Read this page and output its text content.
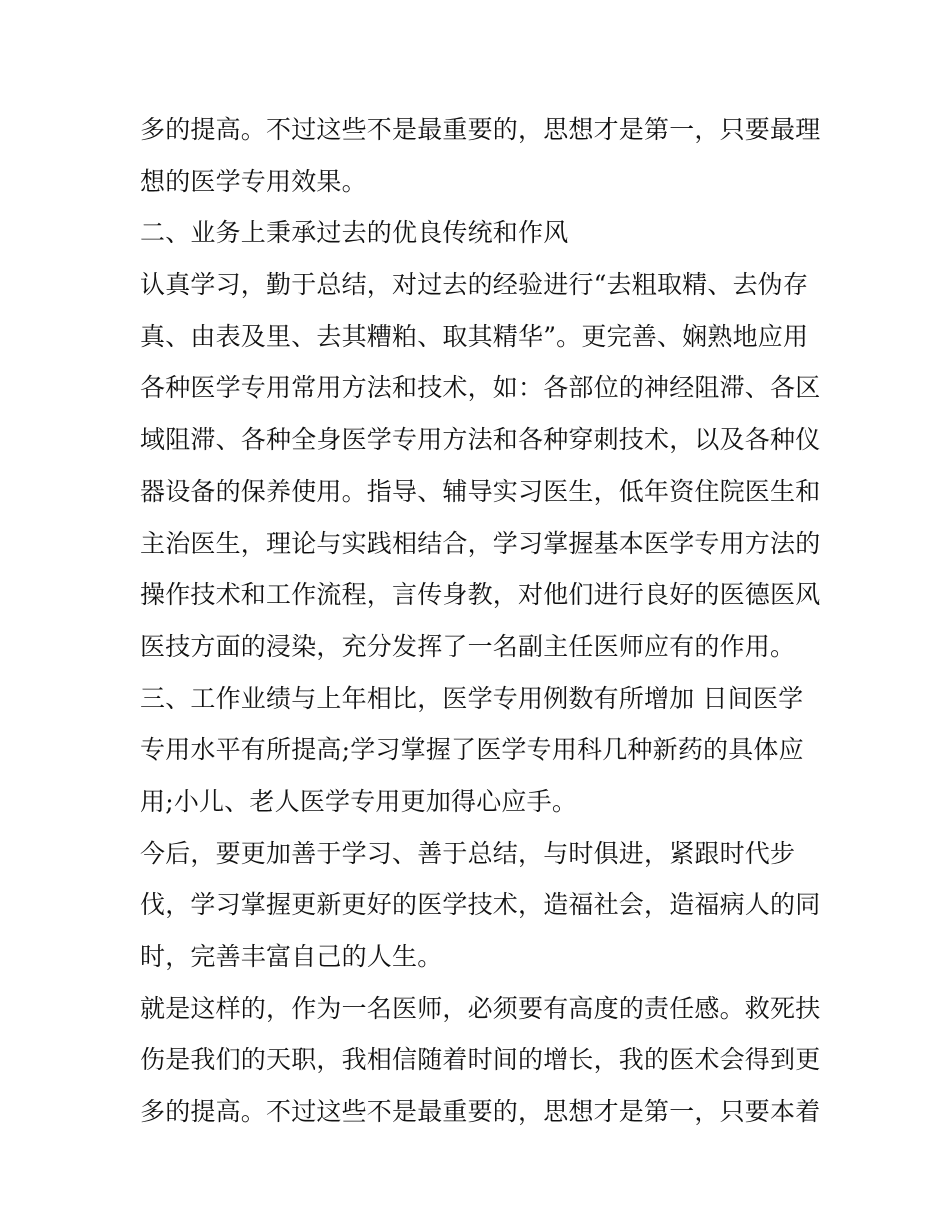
多的提高。不过这些不是最重要的，思想才是第一，只要最理
想的医学专用效果。
二、业务上秉承过去的优良传统和作风
认真学习，勤于总结，对过去的经验进行“去粗取精、去伪存
真、由表及里、去其糟粕、取其精华”。更完善、娴熟地应用
各种医学专用常用方法和技术，如：各部位的神经阻滞、各区
域阻滞、各种全身医学专用方法和各种穿刺技术，以及各种仪
器设备的保养使用。指导、辅导实习医生，低年资住院医生和
主治医生，理论与实践相结合，学习掌握基本医学专用方法的
操作技术和工作流程，言传身教，对他们进行良好的医德医风
医技方面的浸染，充分发挥了一名副主任医师应有的作用。
三、工作业绩与上年相比，医学专用例数有所增加 日间医学
专用水平有所提高;学习掌握了医学专用科几种新药的具体应
用;小儿、老人医学专用更加得心应手。
今后，要更加善于学习、善于总结，与时俱进，紧跟时代步
伐，学习掌握更新更好的医学技术，造福社会，造福病人的同
时，完善丰富自己的人生。
就是这样的，作为一名医师，必须要有高度的责任感。救死扶
伤是我们的天职，我相信随着时间的增长，我的医术会得到更
多的提高。不过这些不是最重要的，思想才是第一，只要本着
